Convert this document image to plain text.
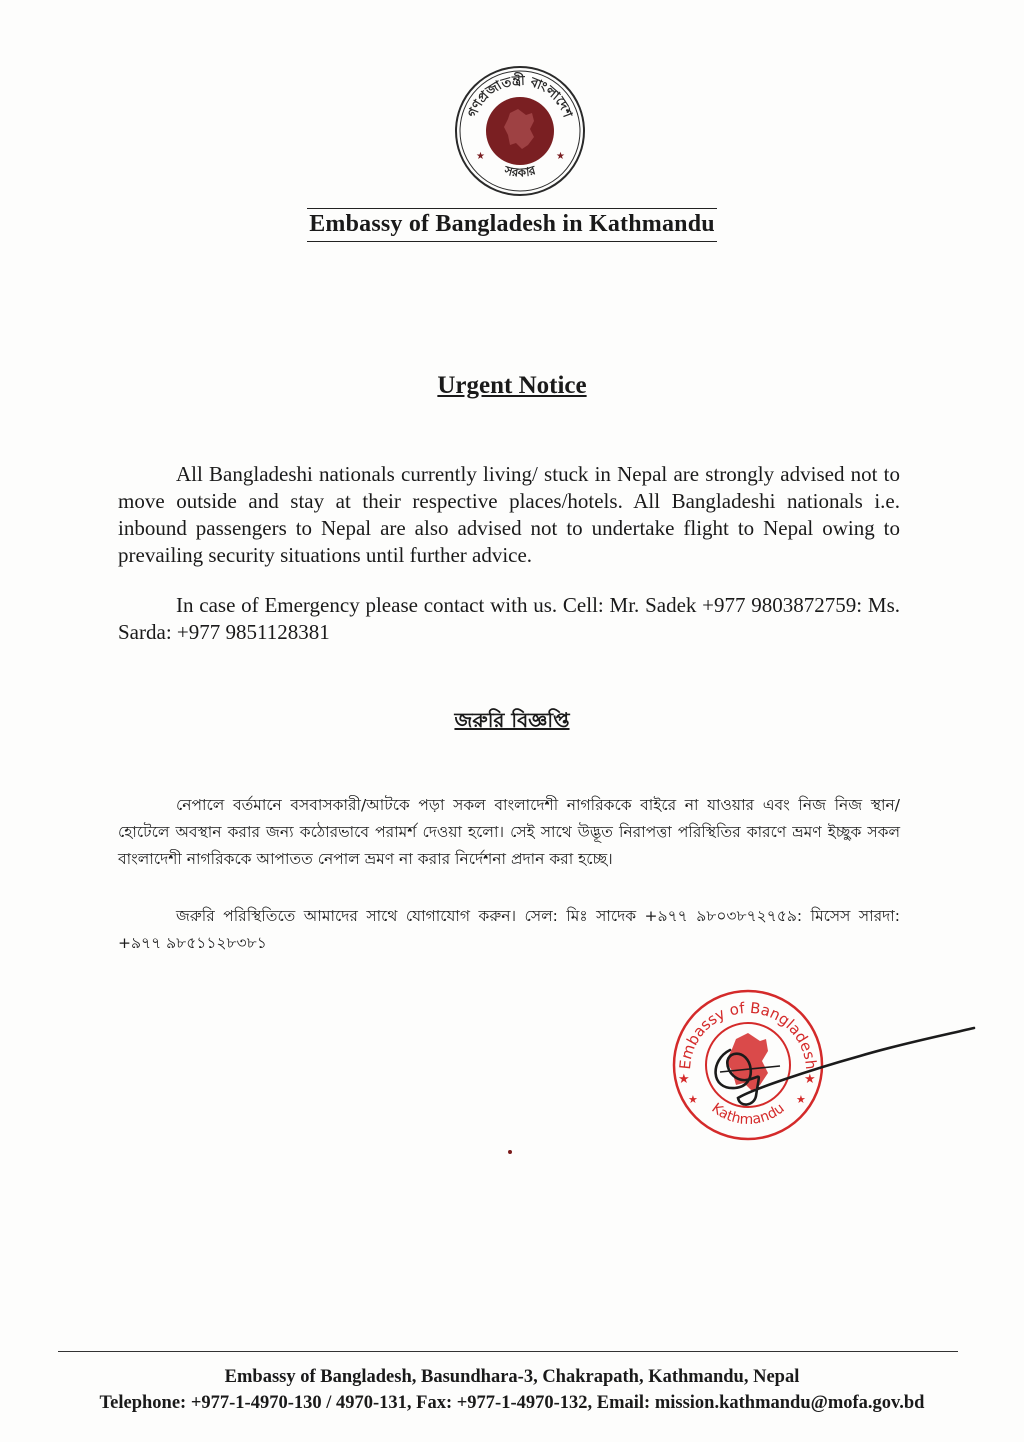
গণপ্রজাতন্ত্রী বাংলাদেশ
সরকার
★	★
Embassy of Bangladesh in Kathmandu
Urgent Notice

All Bangladeshi nationals currently living/ stuck in Nepal are strongly advised not to move outside and stay at their respective places/hotels. All Bangladeshi nationals i.e. inbound passengers to Nepal are also advised not to undertake flight to Nepal owing to prevailing security situations until further advice.

In case of Emergency please contact with us. Cell: Mr. Sadek +977 9803872759: Ms. Sarda: +977 9851128381

জরুরি বিজ্ঞপ্তি

নেপালে বর্তমানে বসবাসকারী/আটকে পড়া সকল বাংলাদেশী নাগরিককে বাইরে না যাওয়ার এবং নিজ নিজ স্থান/হোটেলে অবস্থান করার জন্য কঠোরভাবে পরামর্শ দেওয়া হলো। সেই সাথে উদ্ভূত নিরাপত্তা পরিস্থিতির কারণে ভ্রমণ ইচ্ছুক সকল বাংলাদেশী নাগরিককে আপাতত নেপাল ভ্রমণ না করার নির্দেশনা প্রদান করা হচ্ছে।

জরুরি পরিস্থিতিতে আমাদের সাথে যোগাযোগ করুন। সেল: মিঃ সাদেক +৯৭৭ ৯৮০৩৮৭২৭৫৯: মিসেস সারদা: +৯৭৭ ৯৮৫১১২৮৩৮১

Embassy of Bangladesh
Kathmandu
★
★
★
★
Embassy of Bangladesh, Basundhara-3, Chakrapath, Kathmandu, Nepal
Telephone: +977-1-4970-130 / 4970-131, Fax: +977-1-4970-132, Email: mission.kathmandu@mofa.gov.bd
